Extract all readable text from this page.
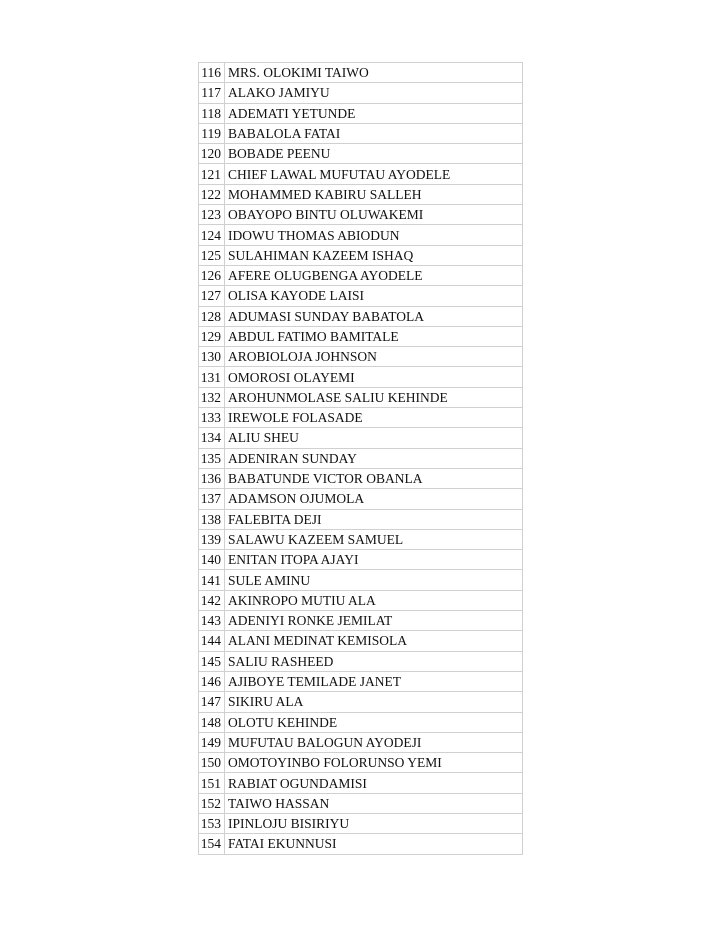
116	MRS. OLOKIMI TAIWO
117	ALAKO JAMIYU
118	ADEMATI YETUNDE
119	BABALOLA FATAI
120	BOBADE PEENU
121	CHIEF LAWAL MUFUTAU AYODELE
122	MOHAMMED KABIRU SALLEH
123	OBAYOPO BINTU OLUWAKEMI
124	IDOWU THOMAS ABIODUN
125	SULAHIMAN KAZEEM ISHAQ
126	AFERE OLUGBENGA AYODELE
127	OLISA KAYODE LAISI
128	ADUMASI SUNDAY BABATOLA
129	ABDUL FATIMO BAMITALE
130	AROBIOLOJA JOHNSON
131	OMOROSI OLAYEMI
132	AROHUNMOLASE SALIU KEHINDE
133	IREWOLE FOLASADE
134	ALIU SHEU
135	ADENIRAN SUNDAY
136	BABATUNDE VICTOR OBANLA
137	ADAMSON OJUMOLA
138	FALEBITA DEJI
139	SALAWU KAZEEM SAMUEL
140	ENITAN ITOPA AJAYI
141	SULE AMINU
142	AKINROPO MUTIU ALA
143	ADENIYI RONKE JEMILAT
144	ALANI MEDINAT KEMISOLA
145	SALIU RASHEED
146	AJIBOYE TEMILADE JANET
147	SIKIRU ALA
148	OLOTU KEHINDE
149	MUFUTAU BALOGUN AYODEJI
150	OMOTOYINBO FOLORUNSO YEMI
151	RABIAT OGUNDAMISI
152	TAIWO HASSAN
153	IPINLOJU BISIRIYU
154	FATAI EKUNNUSI
